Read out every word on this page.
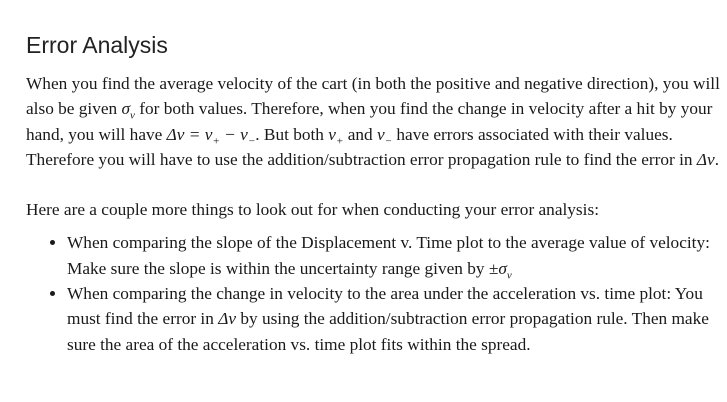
Error Analysis

When you find the average velocity of the cart (in both the positive and negative direction), you will also be given $\sigma_v$ for both values. Therefore, when you find the change in velocity after a hit by your hand, you will have $\Delta v = v_+ - v_-$. But both $v_+$ and $v_-$ have errors associated with their values. Therefore you will have to use the addition/subtraction error propagation rule to find the error in Δv.

Here are a couple more things to look out for when conducting your error analysis:

• When comparing the slope of the Displacement v. Time plot to the average value of velocity: Make sure the slope is within the uncertainty range given by $\pm\sigma_v$
• When comparing the change in velocity to the area under the acceleration vs. time plot: You must find the error in Δv by using the addition/subtraction error propagation rule. Then make sure the area of the acceleration vs. time plot fits within the spread.
